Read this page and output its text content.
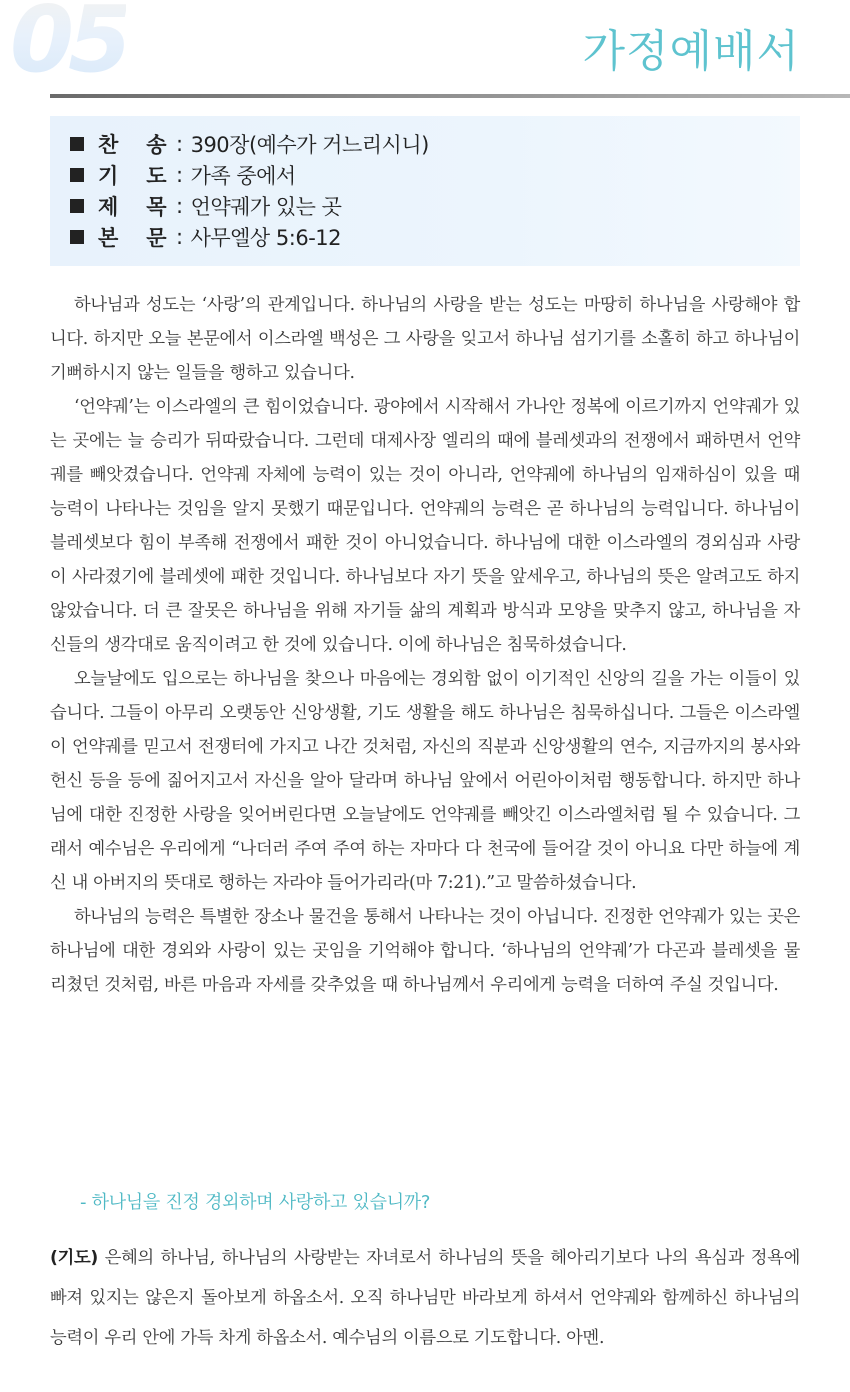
05	가정예배서
찬 송 : 390장(예수가 거느리시니)
기 도 : 가족 중에서
제 목 : 언약궤가 있는 곳
본 문 : 사무엘상 5:6-12

하나님과 성도는 ‘사랑’의 관계입니다. 하나님의 사랑을 받는 성도는 마땅히 하나님을 사랑해야 합니다. 하지만 오늘 본문에서 이스라엘 백성은 그 사랑을 잊고서 하나님 섬기기를 소홀히 하고 하나님이 기뻐하시지 않는 일들을 행하고 있습니다.

‘언약궤’는 이스라엘의 큰 힘이었습니다. 광야에서 시작해서 가나안 정복에 이르기까지 언약궤가 있는 곳에는 늘 승리가 뒤따랐습니다. 그런데 대제사장 엘리의 때에 블레셋과의 전쟁에서 패하면서 언약궤를 빼앗겼습니다. 언약궤 자체에 능력이 있는 것이 아니라, 언약궤에 하나님의 임재하심이 있을 때 능력이 나타나는 것임을 알지 못했기 때문입니다. 언약궤의 능력은 곧 하나님의 능력입니다. 하나님이 블레셋보다 힘이 부족해 전쟁에서 패한 것이 아니었습니다. 하나님에 대한 이스라엘의 경외심과 사랑이 사라졌기에 블레셋에 패한 것입니다. 하나님보다 자기 뜻을 앞세우고, 하나님의 뜻은 알려고도 하지 않았습니다. 더 큰 잘못은 하나님을 위해 자기들 삶의 계획과 방식과 모양을 맞추지 않고, 하나님을 자신들의 생각대로 움직이려고 한 것에 있습니다. 이에 하나님은 침묵하셨습니다.

오늘날에도 입으로는 하나님을 찾으나 마음에는 경외함 없이 이기적인 신앙의 길을 가는 이들이 있습니다. 그들이 아무리 오랫동안 신앙생활, 기도 생활을 해도 하나님은 침묵하십니다. 그들은 이스라엘이 언약궤를 믿고서 전쟁터에 가지고 나간 것처럼, 자신의 직분과 신앙생활의 연수, 지금까지의 봉사와 헌신 등을 등에 짊어지고서 자신을 알아 달라며 하나님 앞에서 어린아이처럼 행동합니다. 하지만 하나님에 대한 진정한 사랑을 잊어버린다면 오늘날에도 언약궤를 빼앗긴 이스라엘처럼 될 수 있습니다. 그래서 예수님은 우리에게 “나더러 주여 주여 하는 자마다 다 천국에 들어갈 것이 아니요 다만 하늘에 계신 내 아버지의 뜻대로 행하는 자라야 들어가리라(마 7:21).”고 말씀하셨습니다.

하나님의 능력은 특별한 장소나 물건을 통해서 나타나는 것이 아닙니다. 진정한 언약궤가 있는 곳은 하나님에 대한 경외와 사랑이 있는 곳임을 기억해야 합니다. ‘하나님의 언약궤’가 다곤과 블레셋을 물리쳤던 것처럼, 바른 마음과 자세를 갖추었을 때 하나님께서 우리에게 능력을 더하여 주실 것입니다.

- 하나님을 진정 경외하며 사랑하고 있습니까?
(기도) 은혜의 하나님, 하나님의 사랑받는 자녀로서 하나님의 뜻을 헤아리기보다 나의 욕심과 정욕에 빠져 있지는 않은지 돌아보게 하옵소서. 오직 하나님만 바라보게 하셔서 언약궤와 함께하신 하나님의 능력이 우리 안에 가득 차게 하옵소서. 예수님의 이름으로 기도합니다. 아멘.
